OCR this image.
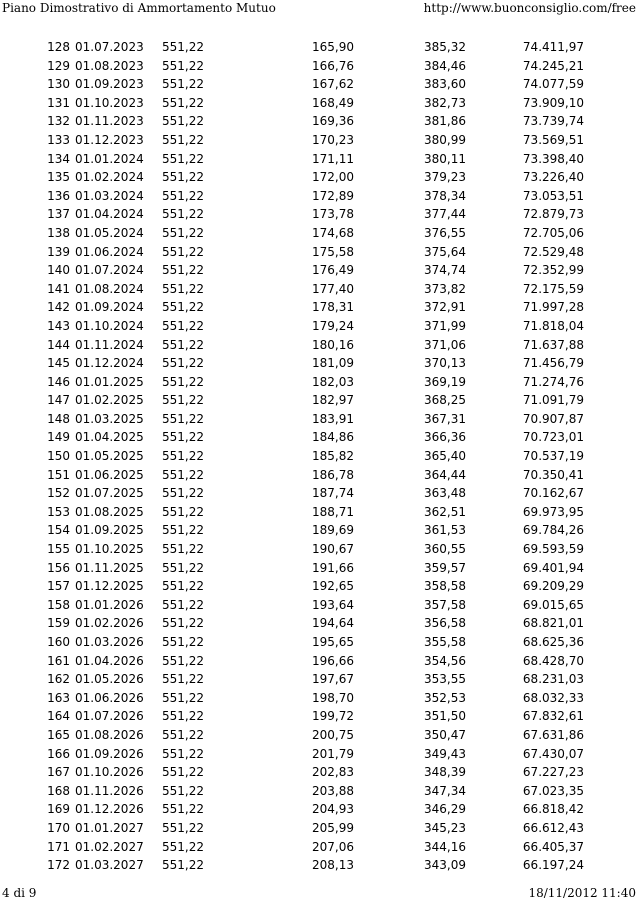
Piano Dimostrativo di Ammortamento Mutuo	http://www.buonconsiglio.com/free
128	01.07.2023	551,22	165,90	385,32	74.411,97
129	01.08.2023	551,22	166,76	384,46	74.245,21
130	01.09.2023	551,22	167,62	383,60	74.077,59
131	01.10.2023	551,22	168,49	382,73	73.909,10
132	01.11.2023	551,22	169,36	381,86	73.739,74
133	01.12.2023	551,22	170,23	380,99	73.569,51
134	01.01.2024	551,22	171,11	380,11	73.398,40
135	01.02.2024	551,22	172,00	379,23	73.226,40
136	01.03.2024	551,22	172,89	378,34	73.053,51
137	01.04.2024	551,22	173,78	377,44	72.879,73
138	01.05.2024	551,22	174,68	376,55	72.705,06
139	01.06.2024	551,22	175,58	375,64	72.529,48
140	01.07.2024	551,22	176,49	374,74	72.352,99
141	01.08.2024	551,22	177,40	373,82	72.175,59
142	01.09.2024	551,22	178,31	372,91	71.997,28
143	01.10.2024	551,22	179,24	371,99	71.818,04
144	01.11.2024	551,22	180,16	371,06	71.637,88
145	01.12.2024	551,22	181,09	370,13	71.456,79
146	01.01.2025	551,22	182,03	369,19	71.274,76
147	01.02.2025	551,22	182,97	368,25	71.091,79
148	01.03.2025	551,22	183,91	367,31	70.907,87
149	01.04.2025	551,22	184,86	366,36	70.723,01
150	01.05.2025	551,22	185,82	365,40	70.537,19
151	01.06.2025	551,22	186,78	364,44	70.350,41
152	01.07.2025	551,22	187,74	363,48	70.162,67
153	01.08.2025	551,22	188,71	362,51	69.973,95
154	01.09.2025	551,22	189,69	361,53	69.784,26
155	01.10.2025	551,22	190,67	360,55	69.593,59
156	01.11.2025	551,22	191,66	359,57	69.401,94
157	01.12.2025	551,22	192,65	358,58	69.209,29
158	01.01.2026	551,22	193,64	357,58	69.015,65
159	01.02.2026	551,22	194,64	356,58	68.821,01
160	01.03.2026	551,22	195,65	355,58	68.625,36
161	01.04.2026	551,22	196,66	354,56	68.428,70
162	01.05.2026	551,22	197,67	353,55	68.231,03
163	01.06.2026	551,22	198,70	352,53	68.032,33
164	01.07.2026	551,22	199,72	351,50	67.832,61
165	01.08.2026	551,22	200,75	350,47	67.631,86
166	01.09.2026	551,22	201,79	349,43	67.430,07
167	01.10.2026	551,22	202,83	348,39	67.227,23
168	01.11.2026	551,22	203,88	347,34	67.023,35
169	01.12.2026	551,22	204,93	346,29	66.818,42
170	01.01.2027	551,22	205,99	345,23	66.612,43
171	01.02.2027	551,22	207,06	344,16	66.405,37
172	01.03.2027	551,22	208,13	343,09	66.197,24
4 di 9	18/11/2012 11:40
